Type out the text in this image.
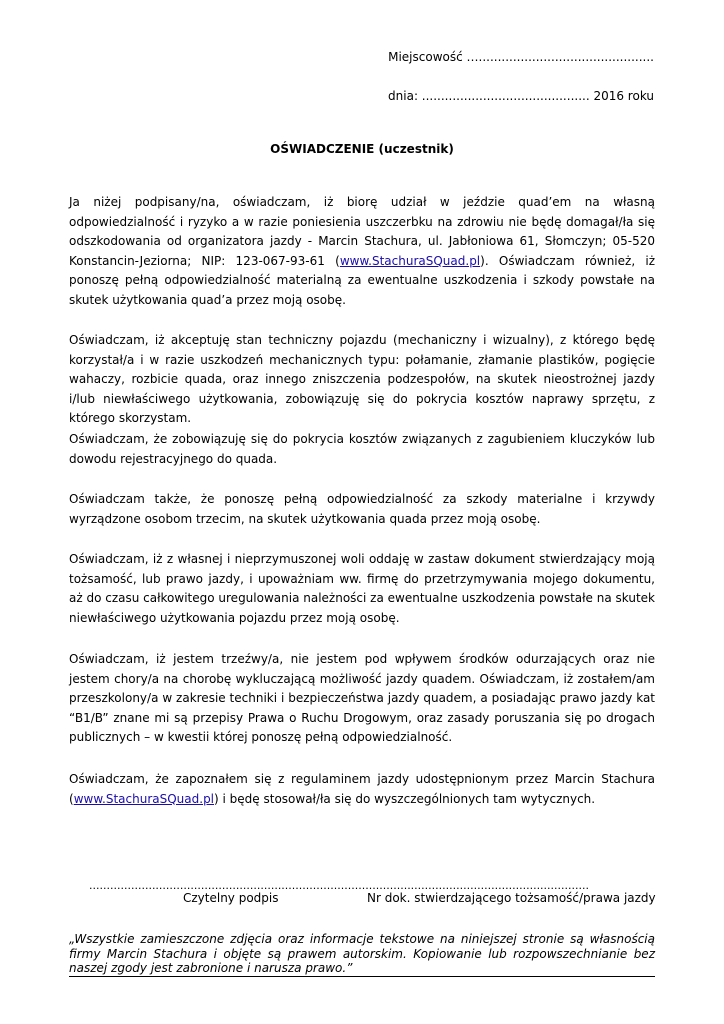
Miejscowość …..............................................
dnia: ............................................ 2016 roku
OŚWIADCZENIE (uczestnik)

Ja niżej podpisany/na, oświadczam, iż biorę udział w jeździe quad’em na własną odpowiedzialność i ryzyko a w razie poniesienia uszczerbku na zdrowiu nie będę domagał/ła się odszkodowania od organizatora jazdy - Marcin Stachura, ul. Jabłoniowa 61, Słomczyn; 05-520 Konstancin-Jeziorna; NIP: 123-067-93-61 (www.StachuraSQuad.pl). Oświadczam również, iż ponoszę pełną odpowiedzialność materialną za ewentualne uszkodzenia i szkody powstałe na skutek użytkowania quad’a przez moją osobę.

Oświadczam, iż akceptuję stan techniczny pojazdu (mechaniczny i wizualny), z którego będę korzystał/a i w razie uszkodzeń mechanicznych typu: połamanie, złamanie plastików, pogięcie wahaczy, rozbicie quada, oraz innego zniszczenia podzespołów, na skutek nieostrożnej jazdy i/lub niewłaściwego użytkowania, zobowiązuję się do pokrycia kosztów naprawy sprzętu, z którego skorzystam.

Oświadczam, że zobowiązuję się do pokrycia kosztów związanych z zagubieniem kluczyków lub dowodu rejestracyjnego do quada.

Oświadczam także, że ponoszę pełną odpowiedzialność za szkody materialne i krzywdy wyrządzone osobom trzecim, na skutek użytkowania quada przez moją osobę.

Oświadczam, iż z własnej i nieprzymuszonej woli oddaję w zastaw dokument stwierdzający moją tożsamość, lub prawo jazdy, i upoważniam ww. firmę do przetrzymywania mojego dokumentu, aż do czasu całkowitego uregulowania należności za ewentualne uszkodzenia powstałe na skutek niewłaściwego użytkowania pojazdu przez moją osobę.

Oświadczam, iż jestem trzeźwy/a, nie jestem pod wpływem środków odurzających oraz nie jestem chory/a na chorobę wykluczającą możliwość jazdy quadem. Oświadczam, iż zostałem/am przeszkolony/a w zakresie techniki i bezpieczeństwa jazdy quadem, a posiadając prawo jazdy kat “B1/B” znane mi są przepisy Prawa o Ruchu Drogowym, oraz zasady poruszania się po drogach publicznych – w kwestii której ponoszę pełną odpowiedzialność.

Oświadczam, że zapoznałem się z regulaminem jazdy udostępnionym przez Marcin Stachura (www.StachuraSQuad.pl) i będę stosował/ła się do wyszczególnionych tam wytycznych.

...............................................................................................................................................
Czytelny podpis	Nr dok. stwierdzającego tożsamość/prawa jazdy

„Wszystkie zamieszczone zdjęcia oraz informacje tekstowe na niniejszej stronie są własnością firmy Marcin Stachura i objęte są prawem autorskim. Kopiowanie lub rozpowszechnianie bez naszej zgody jest zabronione i narusza prawo.”
